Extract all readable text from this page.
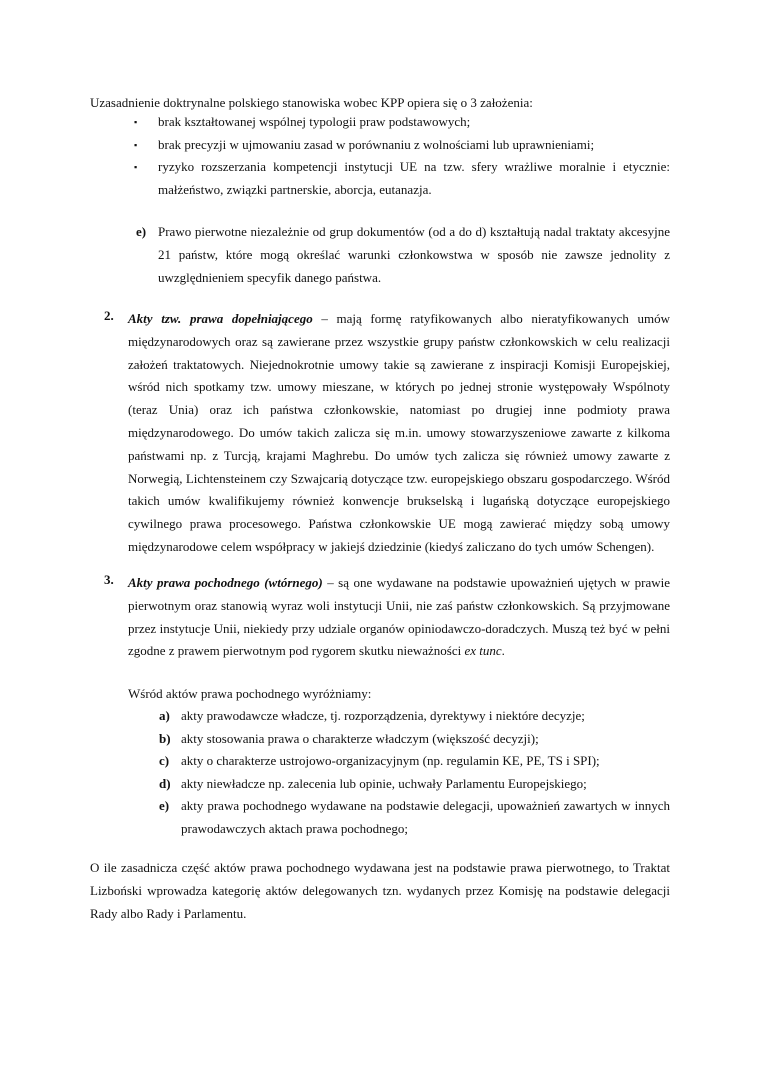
Uzasadnienie doktrynalne polskiego stanowiska wobec KPP opiera się o 3 założenia:
▪ brak kształtowanej wspólnej typologii praw podstawowych;
▪ brak precyzji w ujmowaniu zasad w porównaniu z wolnościami lub uprawnieniami;
▪ ryzyko rozszerzania kompetencji instytucji UE na tzw. sfery wrażliwe moralnie i etycznie: małżeństwo, związki partnerskie, aborcja, eutanazja.
e) Prawo pierwotne niezależnie od grup dokumentów (od a do d) kształtują nadal traktaty akcesyjne 21 państw, które mogą określać warunki członkowstwa w sposób nie zawsze jednolity z uwzględnieniem specyfik danego państwa.
2. Akty tzw. prawa dopełniającego – mają formę ratyfikowanych albo nieratyfikowanych umów międzynarodowych oraz są zawierane przez wszystkie grupy państw członkowskich w celu realizacji założeń traktatowych. Niejednokrotnie umowy takie są zawierane z inspiracji Komisji Europejskiej, wśród nich spotkamy tzw. umowy mieszane, w których po jednej stronie występowały Wspólnoty (teraz Unia) oraz ich państwa członkowskie, natomiast po drugiej inne podmioty prawa międzynarodowego. Do umów takich zalicza się m.in. umowy stowarzyszeniowe zawarte z kilkoma państwami np. z Turcją, krajami Maghrebu. Do umów tych zalicza się również umowy zawarte z Norwegią, Lichtensteinem czy Szwajcarią dotyczące tzw. europejskiego obszaru gospodarczego. Wśród takich umów kwalifikujemy również konwencje brukselską i lugańską dotyczące europejskiego cywilnego prawa procesowego. Państwa członkowskie UE mogą zawierać między sobą umowy międzynarodowe celem współpracy w jakiejś dziedzinie (kiedyś zaliczano do tych umów Schengen).
3. Akty prawa pochodnego (wtórnego) – są one wydawane na podstawie upoważnień ujętych w prawie pierwotnym oraz stanowią wyraz woli instytucji Unii, nie zaś państw członkowskich. Są przyjmowane przez instytucje Unii, niekiedy przy udziale organów opiniodawczo-doradczych. Muszą też być w pełni zgodne z prawem pierwotnym pod rygorem skutku nieważności ex tunc.
Wśród aktów prawa pochodnego wyróżniamy:
a) akty prawodawcze władcze, tj. rozporządzenia, dyrektywy i niektóre decyzje;
b) akty stosowania prawa o charakterze władczym (większość decyzji);
c) akty o charakterze ustrojowo-organizacyjnym (np. regulamin KE, PE, TS i SPI);
d) akty niewładcze np. zalecenia lub opinie, uchwały Parlamentu Europejskiego;
e) akty prawa pochodnego wydawane na podstawie delegacji, upoważnień zawartych w innych prawodawczych aktach prawa pochodnego;
O ile zasadnicza część aktów prawa pochodnego wydawana jest na podstawie prawa pierwotnego, to Traktat Lizboński wprowadza kategorię aktów delegowanych tzn. wydanych przez Komisję na podstawie delegacji Rady albo Rady i Parlamentu.
